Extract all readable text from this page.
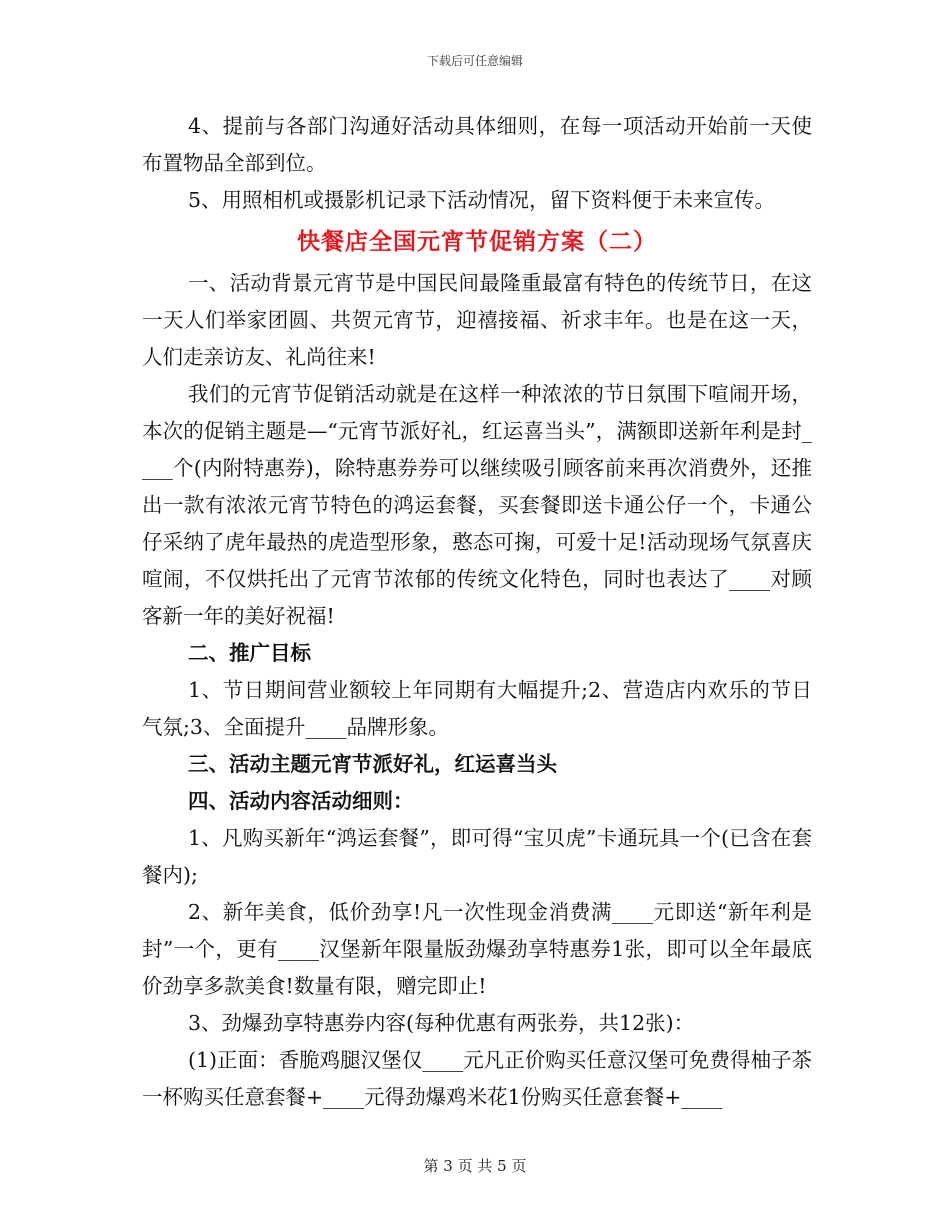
下载后可任意编辑

4、提前与各部门沟通好活动具体细则，在每一项活动开始前一天使布置物品全部到位。

5、用照相机或摄影机记录下活动情况，留下资料便于未来宣传。

快餐店全国元宵节促销方案（二）

一、活动背景元宵节是中国民间最隆重最富有特色的传统节日，在这一天人们举家团圆、共贺元宵节，迎禧接福、祈求丰年。也是在这一天，人们走亲访友、礼尚往来!

我们的元宵节促销活动就是在这样一种浓浓的节日氛围下喧闹开场，本次的促销主题是—“元宵节派好礼，红运喜当头”，满额即送新年利是封____个(内附特惠券)，除特惠券券可以继续吸引顾客前来再次消费外，还推出一款有浓浓元宵节特色的鸿运套餐，买套餐即送卡通公仔一个，卡通公仔采纳了虎年最热的虎造型形象，憨态可掬，可爱十足!活动现场气氛喜庆喧闹，不仅烘托出了元宵节浓郁的传统文化特色，同时也表达了____对顾客新一年的美好祝福!

二、推广目标

1、节日期间营业额较上年同期有大幅提升;2、营造店内欢乐的节日气氛;3、全面提升____品牌形象。

三、活动主题元宵节派好礼，红运喜当头

四、活动内容活动细则：

1、凡购买新年“鸿运套餐”，即可得“宝贝虎”卡通玩具一个(已含在套餐内);

2、新年美食，低价劲享!凡一次性现金消费满____元即送“新年利是封”一个，更有____汉堡新年限量版劲爆劲享特惠券1张，即可以全年最底价劲享多款美食!数量有限，赠完即止!

3、劲爆劲享特惠券内容(每种优惠有两张券，共12张)：

(1)正面：香脆鸡腿汉堡仅____元凡正价购买任意汉堡可免费得柚子茶一杯购买任意套餐+____元得劲爆鸡米花1份购买任意套餐+____

第 3 页 共 5 页
